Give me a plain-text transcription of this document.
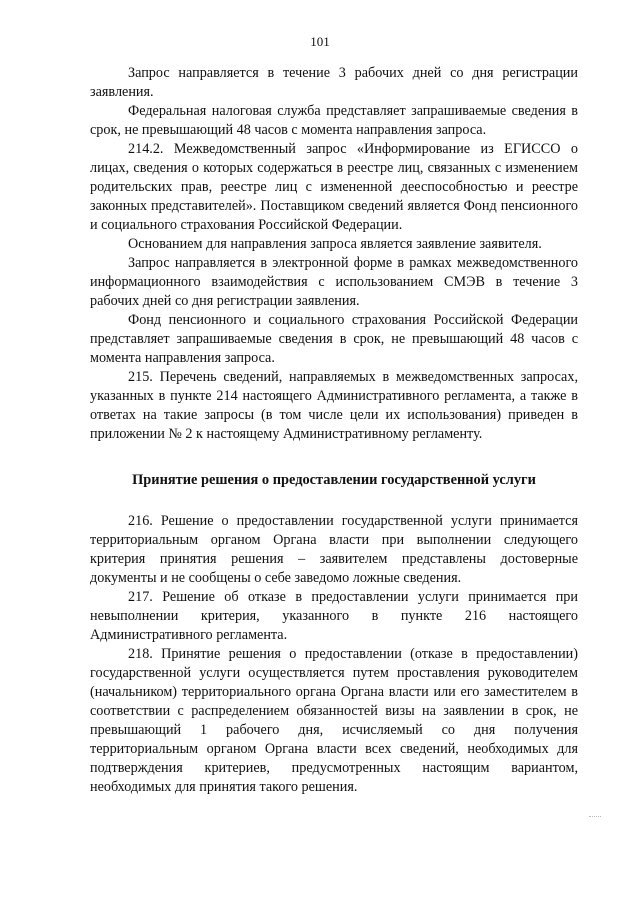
101

Запрос направляется в течение 3 рабочих дней со дня регистрации заявления.

Федеральная налоговая служба представляет запрашиваемые сведения в срок, не превышающий 48 часов с момента направления запроса.

214.2. Межведомственный запрос «Информирование из ЕГИССО о лицах, сведения о которых содержаться в реестре лиц, связанных с изменением родительских прав, реестре лиц с измененной дееспособностью и реестре законных представителей». Поставщиком сведений является Фонд пенсионного и социального страхования Российской Федерации.

Основанием для направления запроса является заявление заявителя.

Запрос направляется в электронной форме в рамках межведомственного информационного взаимодействия с использованием СМЭВ в течение 3 рабочих дней со дня регистрации заявления.

Фонд пенсионного и социального страхования Российской Федерации представляет запрашиваемые сведения в срок, не превышающий 48 часов с момента направления запроса.

215. Перечень сведений, направляемых в межведомственных запросах, указанных в пункте 214 настоящего Административного регламента, а также в ответах на такие запросы (в том числе цели их использования) приведен в приложении № 2 к настоящему Административному регламенту.

Принятие решения о предоставлении государственной услуги

216. Решение о предоставлении государственной услуги принимается территориальным органом Органа власти при выполнении следующего критерия принятия решения – заявителем представлены достоверные документы и не сообщены о себе заведомо ложные сведения.

217. Решение об отказе в предоставлении услуги принимается при невыполнении критерия, указанного в пункте 216 настоящего Административного регламента.

218. Принятие решения о предоставлении (отказе в предоставлении) государственной услуги осуществляется путем проставления руководителем (начальником) территориального органа Органа власти или его заместителем в соответствии с распределением обязанностей визы на заявлении в срок, не превышающий 1 рабочего дня, исчисляемый со дня получения территориальным органом Органа власти всех сведений, необходимых для подтверждения критериев, предусмотренных настоящим вариантом, необходимых для принятия такого решения.
